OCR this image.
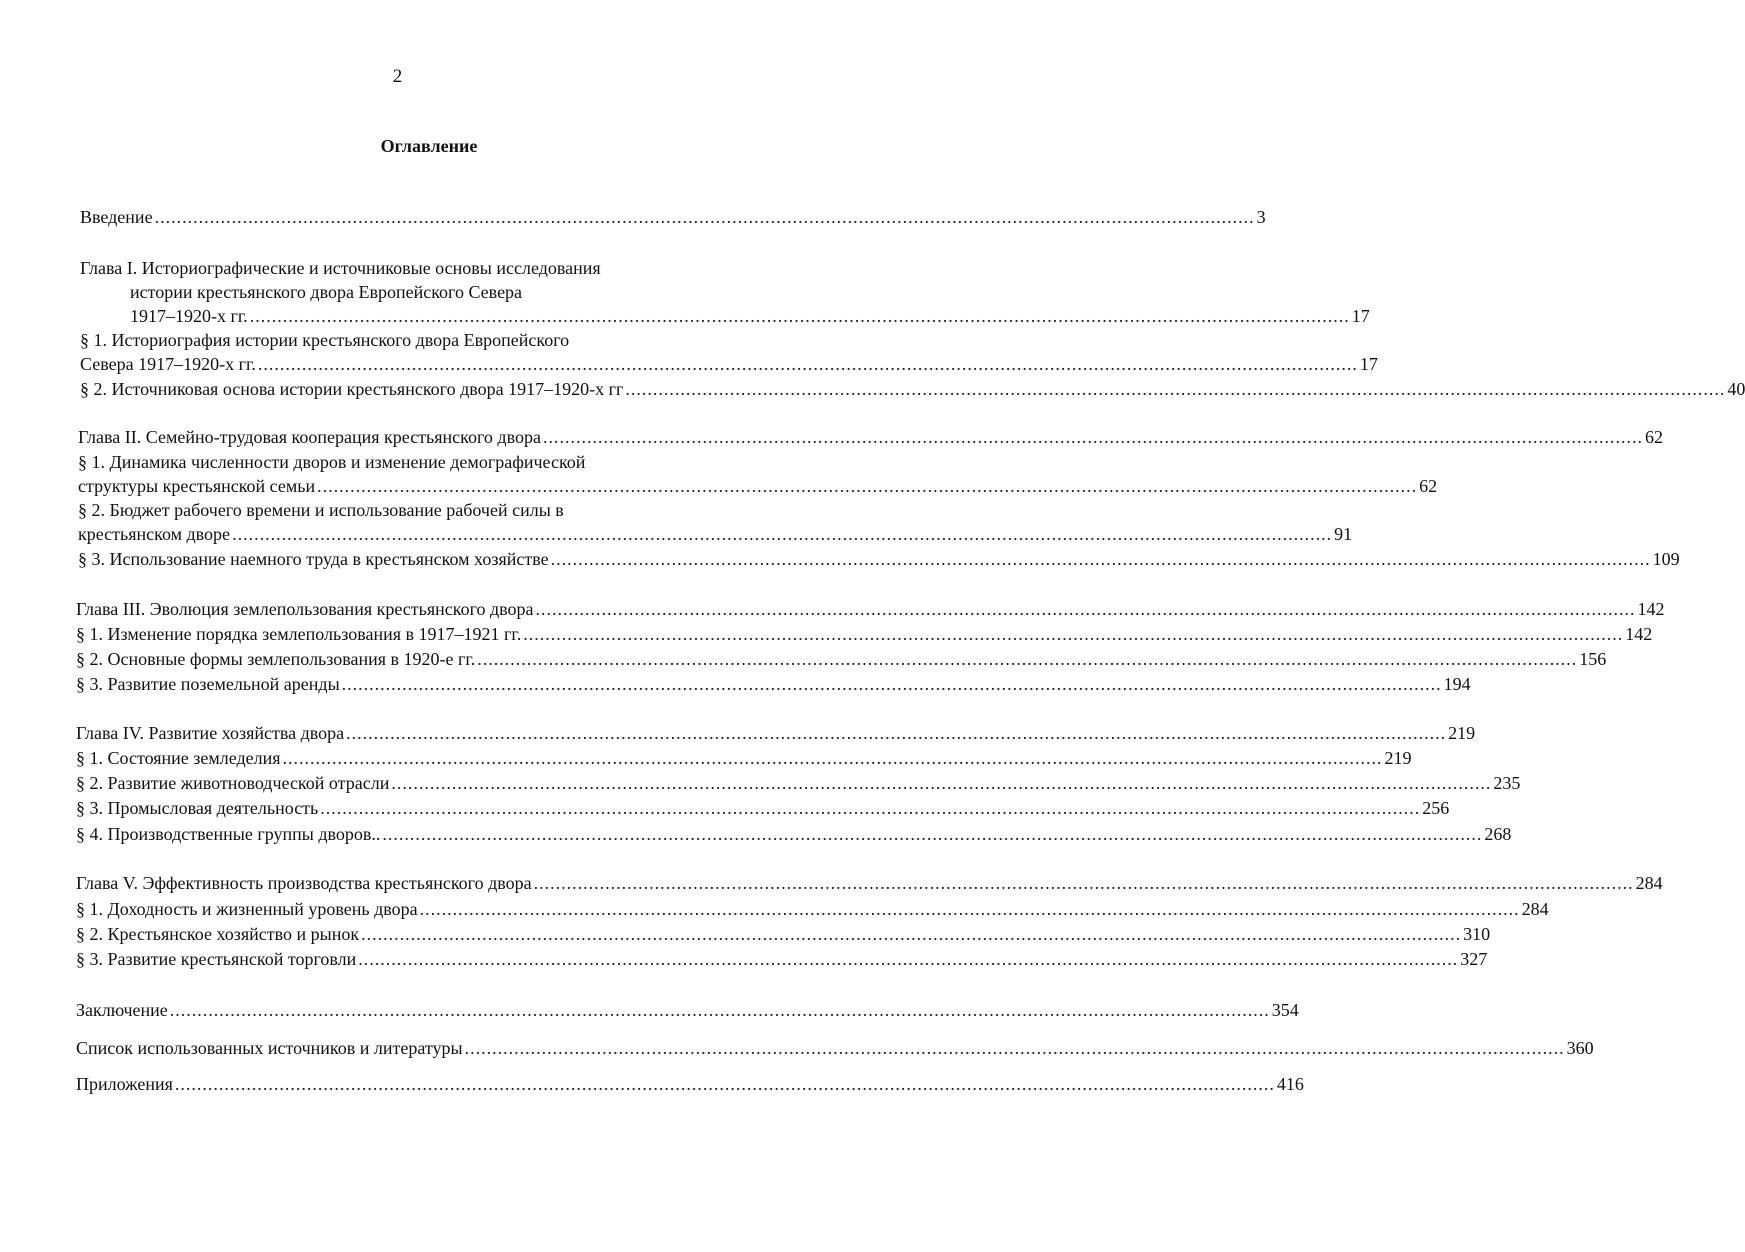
2
Оглавление
Введение ........................................................................................................................................................................................................ 3
Глава I. Историографические и источниковые основы исследования
истории крестьянского двора Европейского Севера
1917–1920-х гг. ........................................................................................................................................................................................................ 17
§ 1. Историография истории крестьянского двора Европейского
Севера 1917–1920-х гг. ........................................................................................................................................................................................................ 17
§ 2. Источниковая основа истории крестьянского двора 1917–1920-х гг ........................................................................................................................................................................................................ 40
Глава II. Семейно-трудовая кооперация крестьянского двора ........................................................................................................................................................................................................ 62
§ 1. Динамика численности дворов и изменение демографической
структуры крестьянской семьи ........................................................................................................................................................................................................ 62
§ 2. Бюджет рабочего времени и использование рабочей силы в
крестьянском дворе ........................................................................................................................................................................................................ 91
§ 3. Использование наемного труда в крестьянском хозяйстве ........................................................................................................................................................................................................ 109
Глава III. Эволюция землепользования крестьянского двора ........................................................................................................................................................................................................ 142
§ 1. Изменение порядка землепользования в 1917–1921 гг. ........................................................................................................................................................................................................ 142
§ 2. Основные формы землепользования в 1920-е гг. ........................................................................................................................................................................................................ 156
§ 3. Развитие поземельной аренды ........................................................................................................................................................................................................ 194
Глава IV. Развитие хозяйства двора ........................................................................................................................................................................................................ 219
§ 1. Состояние земледелия ........................................................................................................................................................................................................ 219
§ 2. Развитие животноводческой отрасли ........................................................................................................................................................................................................ 235
§ 3. Промысловая деятельность ........................................................................................................................................................................................................ 256
§ 4. Производственные группы дворов.. ........................................................................................................................................................................................................ 268
Глава V. Эффективность производства крестьянского двора ........................................................................................................................................................................................................ 284
§ 1. Доходность и жизненный уровень двора ........................................................................................................................................................................................................ 284
§ 2. Крестьянское хозяйство и рынок ........................................................................................................................................................................................................ 310
§ 3. Развитие крестьянской торговли ........................................................................................................................................................................................................ 327
Заключение ........................................................................................................................................................................................................ 354
Список использованных источников и литературы ........................................................................................................................................................................................................ 360
Приложения ........................................................................................................................................................................................................ 416
